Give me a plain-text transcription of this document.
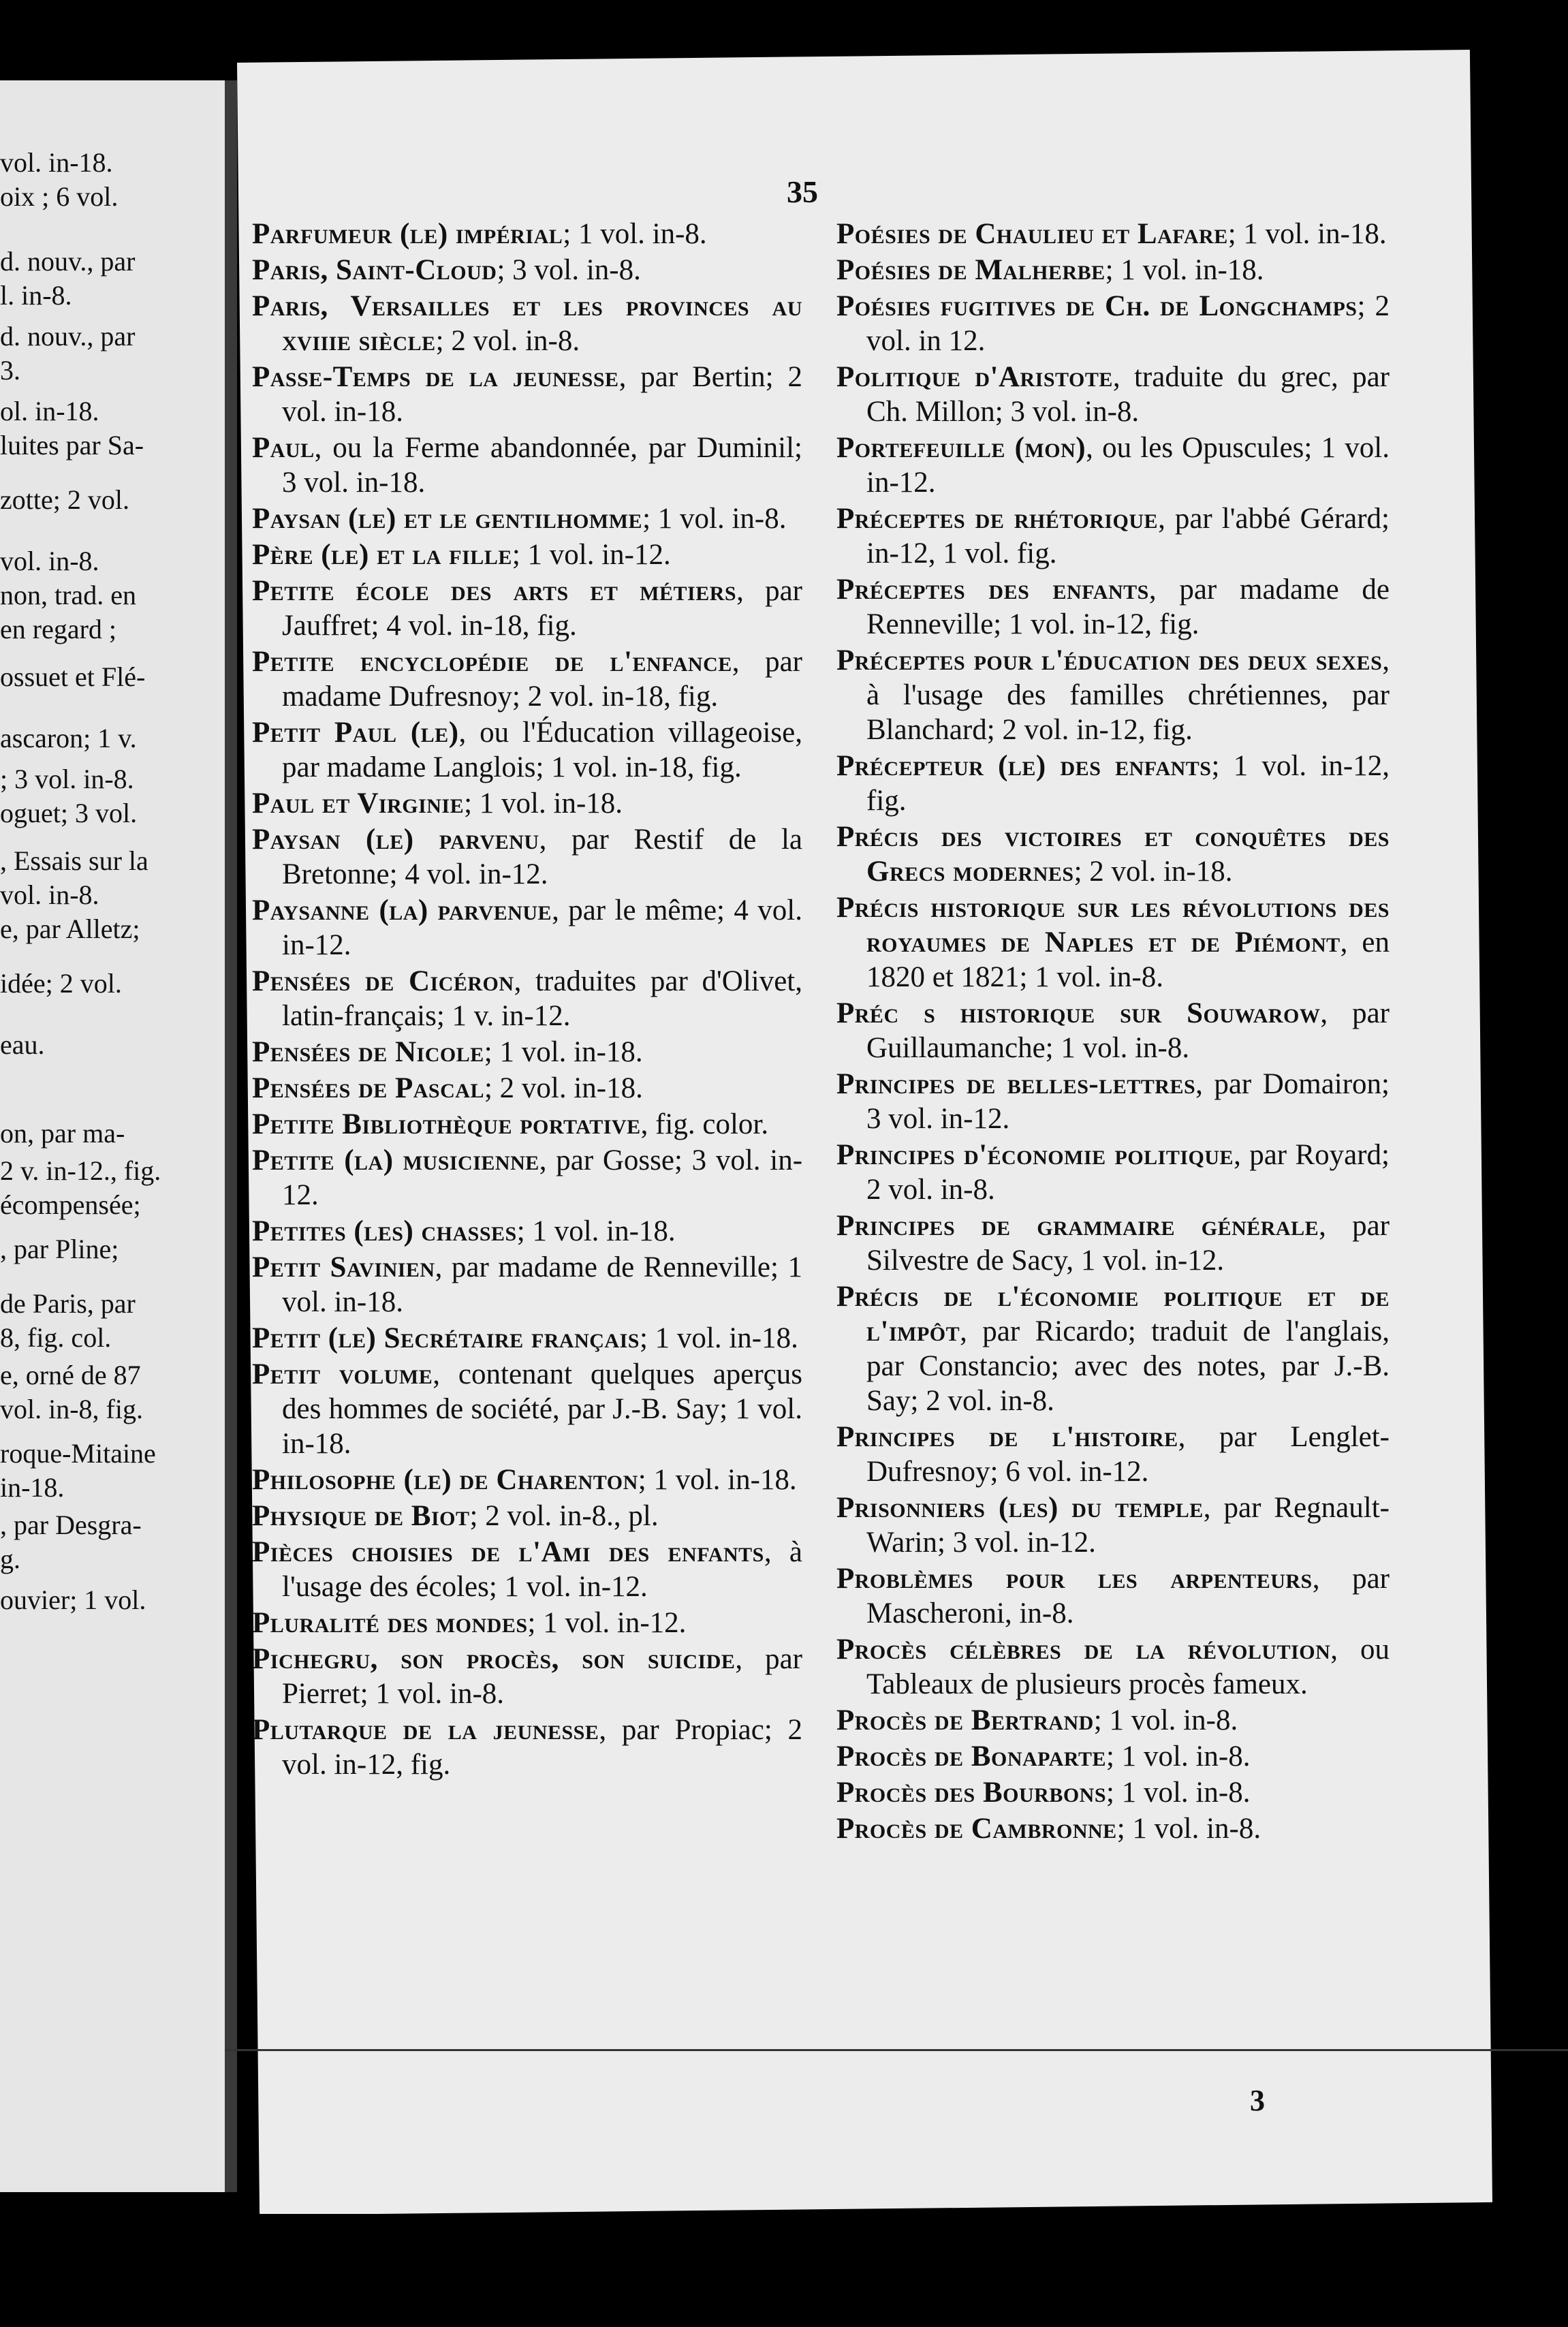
vol. in-18.
oix ; 6 vol.
d. nouv., par
l. in-8.
d. nouv., par
3.
ol. in-18.
luites par Sa-
zotte; 2 vol.
vol. in-8.
non, trad. en
en regard ;
ossuet et Flé-
ascaron; 1 v.
; 3 vol. in-8.
oguet; 3 vol.
, Essais sur la
vol. in-8.
e, par Alletz;
idée; 2 vol.
eau.
on, par ma-
2 v. in-12., fig.
écompensée;
, par Pline;
de Paris, par
8, fig. col.
e, orné de 87
vol. in-8, fig.
roque-Mitaine
in-18.
, par Desgra-
g.
ouvier; 1 vol.
35
Parfumeur (le) impérial; 1 vol. in-8.
Paris, Saint-Cloud; 3 vol. in-8.
Paris, Versailles et les provinces au xviiie siècle; 2 vol. in-8.
Passe-Temps de la jeunesse, par Bertin; 2 vol. in-18.
Paul, ou la Ferme abandonnée, par Duminil; 3 vol. in-18.
Paysan (le) et le gentilhomme; 1 vol. in-8.
Père (le) et la fille; 1 vol. in-12.
Petite école des arts et métiers, par Jauffret; 4 vol. in-18, fig.
Petite encyclopédie de l'enfance, par madame Dufresnoy; 2 vol. in-18, fig.
Petit Paul (le), ou l'Éducation villageoise, par madame Langlois; 1 vol. in-18, fig.
Paul et Virginie; 1 vol. in-18.
Paysan (le) parvenu, par Restif de la Bretonne; 4 vol. in-12.
Paysanne (la) parvenue, par le même; 4 vol. in-12.
Pensées de Cicéron, traduites par d'Olivet, latin-français; 1 v. in-12.
Pensées de Nicole; 1 vol. in-18.
Pensées de Pascal; 2 vol. in-18.
Petite Bibliothèque portative, fig. color.
Petite (la) musicienne, par Gosse; 3 vol. in-12.
Petites (les) chasses; 1 vol. in-18.
Petit Savinien, par madame de Renneville; 1 vol. in-18.
Petit (le) Secrétaire français; 1 vol. in-18.
Petit volume, contenant quelques aperçus des hommes de société, par J.-B. Say; 1 vol. in-18.
Philosophe (le) de Charenton; 1 vol. in-18.
Physique de Biot; 2 vol. in-8., pl.
Pièces choisies de l'Ami des enfants, à l'usage des écoles; 1 vol. in-12.
Pluralité des mondes; 1 vol. in-12.
Pichegru, son procès, son suicide, par Pierret; 1 vol. in-8.
Plutarque de la jeunesse, par Propiac; 2 vol. in-12, fig.
Poésies de Chaulieu et Lafare; 1 vol. in-18.
Poésies de Malherbe; 1 vol. in-18.
Poésies fugitives de Ch. de Longchamps; 2 vol. in 12.
Politique d'Aristote, traduite du grec, par Ch. Millon; 3 vol. in-8.
Portefeuille (mon), ou les Opuscules; 1 vol. in-12.
Préceptes de rhétorique, par l'abbé Gérard; in-12, 1 vol. fig.
Préceptes des enfants, par madame de Renneville; 1 vol. in-12, fig.
Préceptes pour l'éducation des deux sexes, à l'usage des familles chrétiennes, par Blanchard; 2 vol. in-12, fig.
Précepteur (le) des enfants; 1 vol. in-12, fig.
Précis des victoires et conquêtes des Grecs modernes; 2 vol. in-18.
Précis historique sur les révolutions des royaumes de Naples et de Piémont, en 1820 et 1821; 1 vol. in-8.
Préc s historique sur Souwarow, par Guillaumanche; 1 vol. in-8.
Principes de belles-lettres, par Domairon; 3 vol. in-12.
Principes d'économie politique, par Royard; 2 vol. in-8.
Principes de grammaire générale, par Silvestre de Sacy, 1 vol. in-12.
Précis de l'économie politique et de l'impôt, par Ricardo; traduit de l'anglais, par Constancio; avec des notes, par J.-B. Say; 2 vol. in-8.
Principes de l'histoire, par Lenglet-Dufresnoy; 6 vol. in-12.
Prisonniers (les) du temple, par Regnault-Warin; 3 vol. in-12.
Problèmes pour les arpenteurs, par Mascheroni, in-8.
Procès célèbres de la révolution, ou Tableaux de plusieurs procès fameux.
Procès de Bertrand; 1 vol. in-8.
Procès de Bonaparte; 1 vol. in-8.
Procès des Bourbons; 1 vol. in-8.
Procès de Cambronne; 1 vol. in-8.
3
